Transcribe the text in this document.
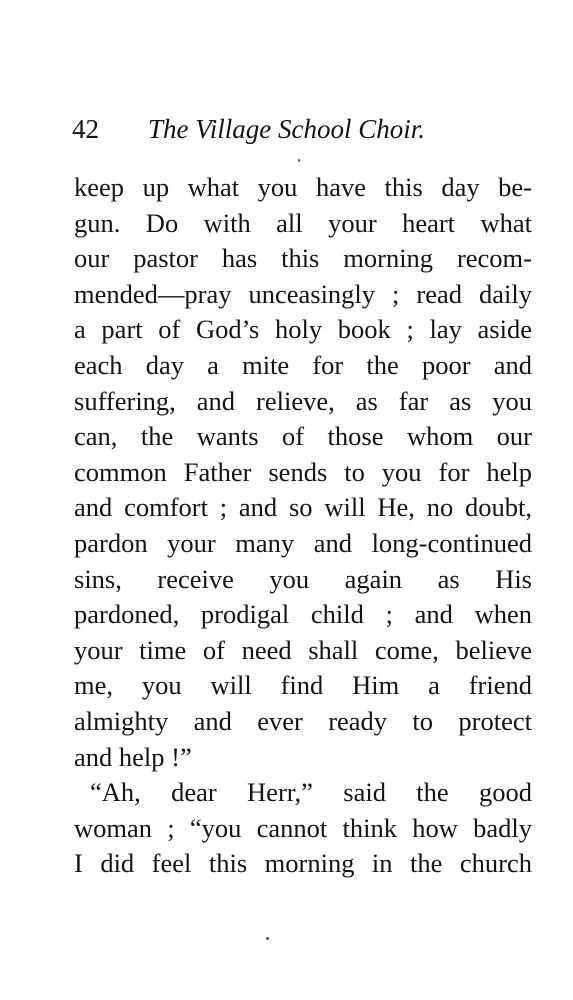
42 The Village School Choir.
keep up what you have this day be-
gun. Do with all your heart what
our pastor has this morning recom-
mended—pray unceasingly ; read daily
a part of God’s holy book ; lay aside
each day a mite for the poor and
suffering, and relieve, as far as you
can, the wants of those whom our
common Father sends to you for help
and comfort ; and so will He, no doubt,
pardon your many and long-continued
sins, receive you again as His
pardoned, prodigal child ; and when
your time of need shall come, believe
me, you will find Him a friend
almighty and ever ready to protect
and help !”
“Ah, dear Herr,” said the good
woman ; “you cannot think how badly
I did feel this morning in the church
